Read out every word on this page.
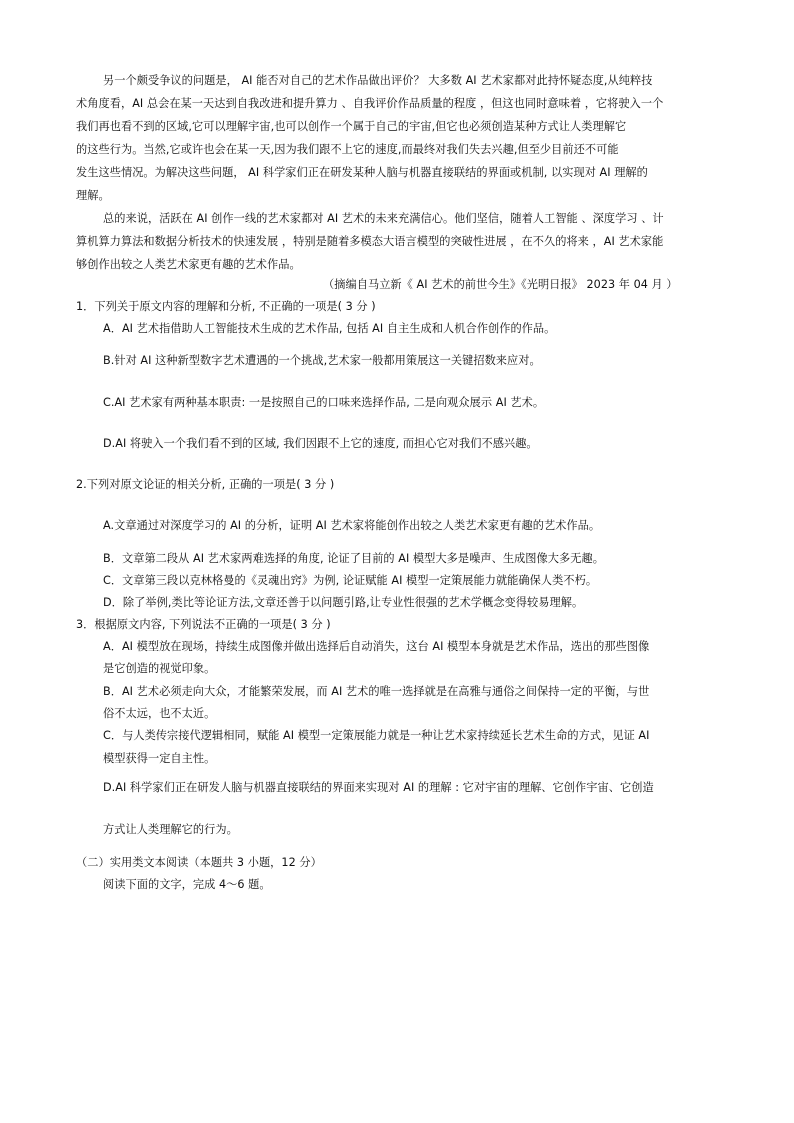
另一个颇受争议的问题是， AI 能否对自己的艺术作品做出评价？ 大多数 AI 艺术家都对此持怀疑态度,从纯粹技
术角度看，AI 总会在某一天达到自我改进和提升算力 、自我评价作品质量的程度 ，但这也同时意味着 ，它将驶入一个
我们再也看不到的区域,它可以理解宇宙,也可以创作一个属于自己的宇宙,但它也必须创造某种方式让人类理解它
的这些行为。当然,它或许也会在某一天,因为我们跟不上它的速度,而最终对我们失去兴趣,但至少目前还不可能
发生这些情况。为解决这些问题， AI 科学家们正在研发某种人脑与机器直接联结的界面或机制, 以实现对 AI 理解的
理解。
总的来说，活跃在 AI 创作一线的艺术家都对 AI 艺术的未来充满信心。他们坚信，随着人工智能 、深度学习 、计
算机算力算法和数据分析技术的快速发展 ，特别是随着多模态大语言模型的突破性进展 ，在不久的将来 ，AI 艺术家能
够创作出较之人类艺术家更有趣的艺术作品。
（摘编自马立新《 AI 艺术的前世今生》《光明日报》 2023 年 04 月 ）
1．下列关于原文内容的理解和分析, 不正确的一项是( 3 分 )
A．AI 艺术指借助人工智能技术生成的艺术作品, 包括 AI 自主生成和人机合作创作的作品。
B.针对 AI 这种新型数字艺术遭遇的一个挑战,艺术家一般都用策展这一关键招数来应对。
C.AI 艺术家有两种基本职责: 一是按照自己的口味来选择作品, 二是向观众展示 AI 艺术。
D.AI 将驶入一个我们看不到的区域, 我们因跟不上它的速度, 而担心它对我们不感兴趣。
2.下列对原文论证的相关分析, 正确的一项是( 3 分 )
A.文章通过对深度学习的 AI 的分析，证明 AI 艺术家将能创作出较之人类艺术家更有趣的艺术作品。
B．文章第二段从 AI 艺术家两难选择的角度, 论证了目前的 AI 模型大多是噪声、生成图像大多无趣。
C．文章第三段以克林格曼的《灵魂出窍》为例, 论证赋能 AI 模型一定策展能力就能确保人类不朽。
D．除了举例,类比等论证方法,文章还善于以问题引路,让专业性很强的艺术学概念变得较易理解。
3．根据原文内容, 下列说法不正确的一项是( 3 分 )
A．AI 模型放在现场，持续生成图像并做出选择后自动消失，这台 AI 模型本身就是艺术作品，选出的那些图像
是它创造的视觉印象。
B．AI 艺术必须走向大众，才能繁荣发展，而 AI 艺术的唯一选择就是在高雅与通俗之间保持一定的平衡，与世
俗不太远，也不太近。
C．与人类传宗接代逻辑相同，赋能 AI 模型一定策展能力就是一种让艺术家持续延长艺术生命的方式，见证 AI
模型获得一定自主性。
D.AI 科学家们正在研发人脑与机器直接联结的界面来实现对 AI 的理解 : 它对宇宙的理解、它创作宇宙、它创造
方式让人类理解它的行为。
（二）实用类文本阅读（本题共 3 小题，12 分）
阅读下面的文字，完成 4～6 题。
